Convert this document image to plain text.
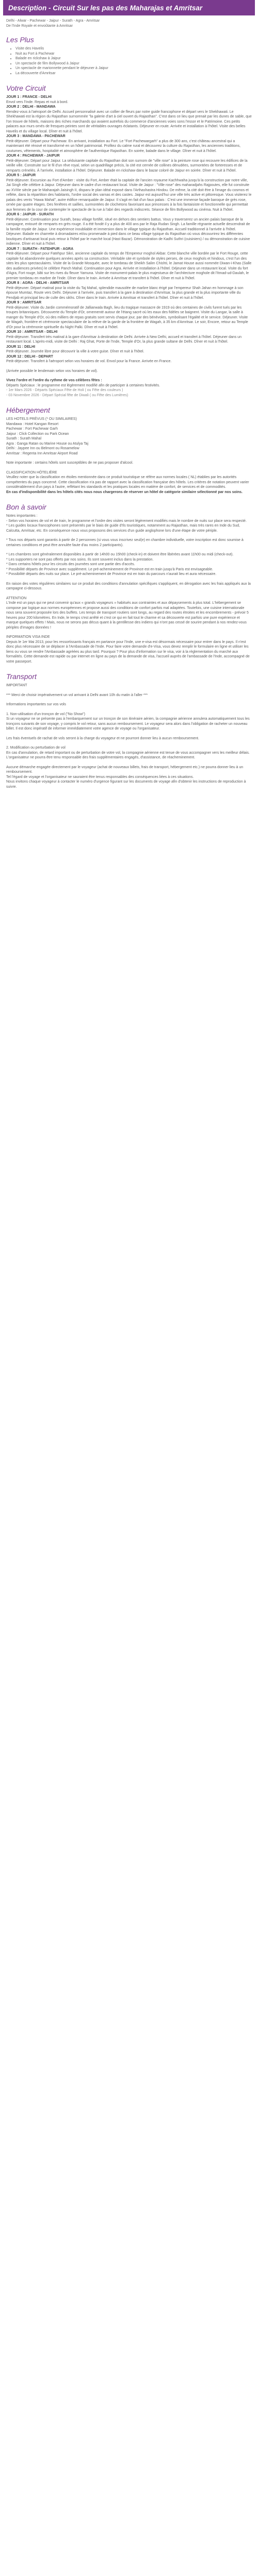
Description - Circuit Sur les pas des Maharajas et Amritsar

Delhi - Alwar - Pachewar - Jaipur - Surath - Agra - Amritsar
De l'Inde Royale et envoûtante à Amritsar

Les Plus
• Visite des Havelis
• Nuit au Fort à Pachewar
• Balade en rickshaw à Jaipur
• Un spectacle de film Bollywood à Jaipur
• Un spectacle de marionnette pendant le déjeuner à Jaipur
• La découverte d'Amritsar
Votre Circuit

JOUR 1 : FRANCE - DELHI

Envol vers l'Inde. Repas et nuit à bord.

JOUR 2 : DELHI - MANDAWA

Rendez-vous à l'aéroport de Delhi. Accueil personnalisé avec un collier de fleurs par notre guide francophone et départ vers le Shekhawati. Le Shekhawati est la région du Rajasthan surnommée "la galerie d'art à ciel ouvert du Rajasthan". C'est dans ce lieu que prenait par les dunes de sable, que l'on trouve de hôtels, maisons des riches marchands qui avaient autrefois du commerce d'anciennes voies sons l'essor et le Patrimoine. Ces petits palaces aux murs ornés de fresques peintes sont de véritables ouvrages éclatants. Déjeuner en route. Arrivée et installation à l'hôtel. Visite des belles Havelis et du village local. Dîner et nuit à l'hôtel.

JOUR 3 : MANDAWA - PACHEWAR

Petit-déjeuner. Départ pour Pachewar. En arrivant, installation au Fort. Le "Fort Pachewargarh" a plus de 300 ans, c'est château ancestral qui a maintenant été rénové et transformé en un hôtel patrimonial. Profitez du calme rural et découvrez la culture du Rajasthan, les anciennes traditions, coutumes, vêtements, hospitalité et atmosphère de l'authentique Rajasthan. En soirée, balade dans le village. Dîner et nuit à l'hôtel.

JOUR 4 : PACHEWAR - JAIPUR

Petit-déjeuner. Départ pour Jaipur. La séduisante capitale du Rajasthan doit son surnom de "ville rose" à la peinture rose qui recouvre les édifices de la vieille ville. Construite sur le fil d'un rêve royal, selon un quadrillage précis, la cité est cernée de collines dénudées, surmontées de forteresses et de remparts crénelés. À l'arrivée, installation à l'hôtel. Déjeuner. Balade en rickshaw dans le bazar coloré de Jaipur en soirée. Dîner et nuit à l'hôtel.

JOUR 5 : JAIPUR

Petit-déjeuner. Excursion au Fort d'Amber : visite du Fort, Amber était la capitale de l'ancien royaume Kachhwaha jusqu'à la construction par notre ville, Jai Singh elle célèbre à Jaipur. Déjeuner dans le cadre d'un restaurant local. Visite de Jaipur : "Ville rose" des maharadjahs Rajpoutes, elle fut construite au XVIIIe siècle par le Maharajah Jaisingh II, disparu le plan idéal exposé dans l'Arthashastra Hindou. De même, la cité doit être à l'image du cosmos et reflète, dans la répartition des habitants, l'ordre social des varnas et des castes. Jaipur est aujourd'hui une ville très active et pittoresque. Vous visiterez le palais des vents "Hawa Mahal", autre édifice remarquable de Jaipur. Il s'agit en fait d'un faux palais : C'est une immense façade baroque de grès rose, ornée par quatre étages. Des fenêtres et saillies, surmontées de clochetons favorisant aux princesses à la fois fantaisiste et fonctionnelle qui permettait aux femmes de la cour de contempler le spectacle de la rue à l'abri des regards indiscrets. Séance de film Bollywood au cinéma. Nuit à l'hôtel.

JOUR 6 : JAIPUR - SURATH

Petit-déjeuner. Continuation pour Surath, beau village fortifié, situé en dehors des sentiers battus. Vous y traverserez un ancien palais baroque de la campagne, entouré de remparts en grès rouge. Il a été fondé il y a plus de 400 ans par le Raja Rudan Singh. La famille régnante actuelle descendrait de la famille royale de Jaipur. Une expérience inoubliable et immersion dans le village typique du Rajasthan. Accueil traditionnel à l'arrivée à l'hôtel. Déjeuner. Balade en charrette à dromadaires et/ou promenade à pied dans ce beau village typique du Rajasthan où vous découvrirez les différentes boutiques d'artisanat local puis retour à l'hôtel par le marché local (Hast Bazar). Démonstration de Kadhi Suthri (cuisiniers) / ou démonstration de cuisine indienne. Dîner et nuit à l'hôtel.

JOUR 7 : SURATH - FATEHPUR - AGRA

Petit-déjeuner. Départ pour Fatehpur Sikri, ancienne capitale du temps de l'Empereur moghol Akbar. Cette blanche ville bordée par le Fort Rouge, cette capitale fut abandonnée quelques années après sa construction. Véritable site et symbole de styles perses, de ceux moghols et hindous, c'est l'un des sites les plus spectaculaires. Visite de la Grande Mosquée, avec le tombeau de Sheikh Salim Chishti, le Jamat House aussi nommée Diwan-i-Khas (Salle des audiences privées) le célèbre Panch Mahal. Continuation pour Agra. Arrivée et installation à l'hôtel. Déjeuner dans un restaurant local. Visite du fort d'Agra, Fort rouge, bâti sur les rives du fleuve Yamuna. Visite de monument-palais le plus majestueux de l'architecture moghole dit l'Itmad-ud-Daulah, le premier tombeau en marbre de l'Inde. Dîner dans le train. Arrivée à Amritsar et transfert à l'hôtel. Dîner et nuit à l'hôtel.

JOUR 8 : AGRA - DELHI - AMRITSAR

Petit-déjeuner. Départ matinal pour la visite du Taj Mahal, splendide mausolée de marbre blanc érigé par l'empereur Shah Jahan en hommage à son épouse Mumtaz, Route vers Delhi. Déjeuner à l'arrivée, puis transfert à la gare à destination d'Amritsar, la plus grande et la plus importante ville du Pendjab et principal lieu de culte des sikhs. Dîner dans le train. Arrivée à Amritsar et transfert à l'hôtel. Dîner et nuit à l'hôtel.

JOUR 9 : AMRITSAR

Petit-déjeuner. Visite du Jardin commémoratif de Jallianwala Bagh, lieu du tragique massacre de 1919 où des centaines de civils furent tués par les troupes britanniques. Découverte du Temple d'Or, ornementé autour de l'étang sacré où les eaux des fidèles se baignent. Visite du Langar, la salle à manger du Temple d'Or, où des milliers de repas gratuits sont servis chaque jour, par des bénévoles, symbolisant l'égalité et le service. Déjeuner. Visite de Wagah, frontière et cérémonie spectaculaire de la relève de la garde de la frontière de Wagah, à 35 km d'Amritsar. Le soir, Encore, retour au Temple d'Or pour la cérémonie spirituelle du Night Palki. Dîner et nuit à l'hôtel.

JOUR 10 : AMRITSAR - DELHI

Petit-déjeuner. Transfert très matinal à la gare d'Amritsar à destination de Delhi. Arrivée à New Delhi, accueil et transfert à l'hôtel. Déjeuner dans un restaurant local. L'après-midi, visite de Delhi : Raj Ghat, Porte de l'Inde, Temple d'Or, la plus grande sultane de Delhi. Dîner et nuit à l'hôtel.

JOUR 11 : DELHI

Petit-déjeuner. Journée libre pour découvrir la ville à votre guise. Dîner et nuit à l'hôtel.

JOUR 12 : DELHI - DEPART

Petit-déjeuner. Transfert à l'aéroport selon vos horaires de vol. Envol pour la France. Arrivée en France.

(Arrivée possible le lendemain selon vos horaires de vol).

Vivez l'ordre et l'ordre du rythme de vos célèbres fêtes :

Départs Spéciaux : le programme est légèrement modifié afin de participer à certaines festivités.

- 1er Mars 2026 - Départs Spéciaux Fête de Holi ( ou Fête des couleurs )

- 03 Novembre 2026 - Départ Spécial fête de Diwali ( ou Fête des Lumières)

Hébergement

LES HOTELS PRÉVUS (* OU SIMILAIRES)

Mandawa : Hotel Kangan Resort

Pachewar : Fort Pachewar Garh

Jaipur : Click Collection ou Park Ocean

Surath : Surath Mahal

Agra : Ganga Ratan ou Marine House ou Atulya Taj

Delhi : Jaypee Inn ou Belmont ou Rosamelow

Amritsar : Regenta Inn Amritsar Airport Road

Note importante : certains hôtels sont susceptibles de ne pas proposer d'alcool.

CLASSIFICATION HÔTELIÈRE

Veuillez noter que la classification en étoiles mentionnée dans ce produit touristique se réfère aux normes locales ( NL) établies par les autorités compétentes du pays concerné. Cette classification n'a pas de rapport avec la classification française des hôtels. Les critères de notation peuvent varier considérablement d'un pays à l'autre, reflétant les standards et les pratiques locales en matière de confort, de services et de commodités.

En cas d'indisponibilité dans les hôtels cités nous nous chargerons de réserver un hôtel de catégorie similaire sélectionné par nos soins.

Bon à savoir

Notes importantes :

- Selon vos horaires de vol et de train, le programme et l'ordre des visites seront légèrement modifiés mais le nombre de nuits sur place sera respecté.

* Les guides locaux francophones sont présentés par le biais de guide d'Ils touristiques, notamment au Rajasthan, mais très rares en Inde du Sud, Calcutta, Amritsar, etc. En conséquence nous vous proposons des services d'un guide anglophone lors d'une étape de votre périple.

* Tous nos départs sont garantis à partir de 2 personnes (si vous vous inscrivez seul(e) en chambre individuelle, votre inscription est donc soumise à certaines conditions et peut être annulée faute d'au moins 2 participants).

* Les chambres sont généralement disponibles à partir de 14h00 ou 15h00 (check-in) et doivent être libérées avant 11h00 ou midi (check-out).

* Les supporters ne sont pas offerts par nos soins. Ils sont souvent inclus dans la prestation.

* Dans certains hôtels pour les circuits des journées sont une partie des d'accès.

* Possibilité départs de Province avec supplément. Le pré-acheminement de Province est en train jusqu'à Paris est envisageable.

* Possibilité départs des nuits sur place. Le pré-acheminement de Province est en train du parcours n'aurait lieu et aura nécessaire.

En raison des votes régulières similaires sur ce produit des conditions d'annulation spécifiques s'appliquent, en dérogation avec les frais appliqués aux la campagne ci-dessous.

ATTENTION

L'Inde est un pays qui ne peut convenir qu'aux « grands voyageurs » habitués aux contraintes et aux dépaysements à plus total. L'hébergement se compose par logique aux normes européennes et propose aussi des conditions de confort parfois mal adaptées. Toutefois, une cuisine internationale nous sera souvent proposée lors des buffets. Les temps de transport routiers sont longs, au regard des routes étroites et les encombrements - prévoir 5 heures pour 200 kilomètres. En Inde, le temps s'est arrêté et c'est ce qui en fait tout le charme et sa découverte est parfois une pure expérience et marque quelques effets ! Mais, nous ne serons pas décus quant à la gentillesse des indiens qui n'ont pas cessé de sourire pendant à nos rendez-vous périples d'images données !

INFORMATION VISA INDE

Depuis le 1er Mai 2013, pour les ressortissants français en partance pour l'Inde, une e-visa est désormais nécessaire pour entrer dans le pays. Il n'est donc plus nécessaire de se déplacer à l'Ambassade de l'Inde. Pour faire votre demande d'e-Visa, vous devez remplir le formulaire en ligne et utiliser les liens ou vous se rendre l'Ambassade agréées au plus tard. Pourquoi ? Pour plus d'information sur le visa, voir à la règlementation du marché aux formalités. Cette demande est rapide ou par internet en ligne au pays de la demande de visa, l'accueil auprès de l'ambassade de l'Inde, accompagné de votre passeport.

Transport

IMPORTANT

*** Merci de choisir impérativement un vol arrivant à Delhi avant 10h du matin à l'aller ***

Informations importantes sur vos vols

1. Non-utilisation d'un tronçon de vol ("No Show")

Si un voyageur ne se présente pas à l'embarquement sur un tronçon de son itinéraire aérien, la compagnie aérienne annulera automatiquement tous les tronçons suivants de son voyage, y compris le vol retour, sans aucun remboursement. Le voyageur sera alors dans l'obligation de racheter un nouveau billet. Il est donc impératif de informer immédiatement votre agence de voyage ou l'organisateur.

Les frais éventuels de rachat de vols seront à la charge du voyageur et ne pourront donner lieu à aucun remboursement.

2. Modification ou perturbation de vol

En cas d'annulation, de retard important ou de perturbation de votre vol, la compagnie aérienne est tenue de vous accompagner vers les meilleur délais. L'organisateur ne pourra être tenu responsable des frais supplémentaires engagés, d'assistance, de réacheminement.

Aucune démarche engagée directement par le voyageur (achat de nouveaux billets, frais de transport, hébergement etc.) ne pourra donner lieu à un remboursement.

Tel l'égard de voyage et l'organisateur ne sauraient être tenus responsables des conséquences liées à ces situations.

Nous invitons chaque voyageur à contacter le numéro d'urgence figurant sur les documents de voyage afin d'obtenir les instructions de reproduction à suivre.
